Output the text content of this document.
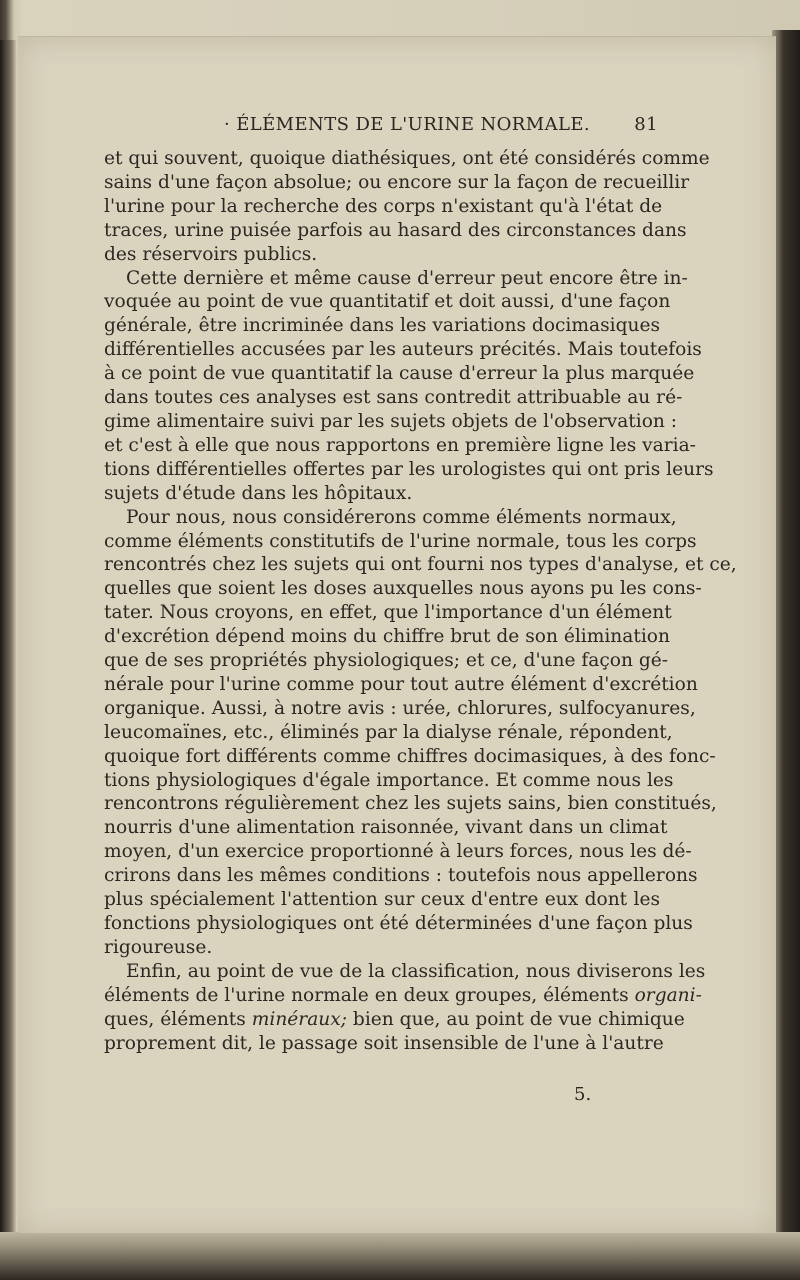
· ÉLÉMENTS DE L'URINE NORMALE. 81
et qui souvent, quoique diathésiques, ont été considérés comme
sains d'une façon absolue; ou encore sur la façon de recueillir
l'urine pour la recherche des corps n'existant qu'à l'état de
traces, urine puisée parfois au hasard des circonstances dans
des réservoirs publics.
Cette dernière et même cause d'erreur peut encore être in-
voquée au point de vue quantitatif et doit aussi, d'une façon
générale, être incriminée dans les variations docimasiques
différentielles accusées par les auteurs précités. Mais toutefois
à ce point de vue quantitatif la cause d'erreur la plus marquée
dans toutes ces analyses est sans contredit attribuable au ré-
gime alimentaire suivi par les sujets objets de l'observation :
et c'est à elle que nous rapportons en première ligne les varia-
tions différentielles offertes par les urologistes qui ont pris leurs
sujets d'étude dans les hôpitaux.
Pour nous, nous considérerons comme éléments normaux,
comme éléments constitutifs de l'urine normale, tous les corps
rencontrés chez les sujets qui ont fourni nos types d'analyse, et ce,
quelles que soient les doses auxquelles nous ayons pu les cons-
tater. Nous croyons, en effet, que l'importance d'un élément
d'excrétion dépend moins du chiffre brut de son élimination
que de ses propriétés physiologiques; et ce, d'une façon gé-
nérale pour l'urine comme pour tout autre élément d'excrétion
organique. Aussi, à notre avis : urée, chlorures, sulfocyanures,
leucomaïnes, etc., éliminés par la dialyse rénale, répondent,
quoique fort différents comme chiffres docimasiques, à des fonc-
tions physiologiques d'égale importance. Et comme nous les
rencontrons régulièrement chez les sujets sains, bien constitués,
nourris d'une alimentation raisonnée, vivant dans un climat
moyen, d'un exercice proportionné à leurs forces, nous les dé-
crirons dans les mêmes conditions : toutefois nous appellerons
plus spécialement l'attention sur ceux d'entre eux dont les
fonctions physiologiques ont été déterminées d'une façon plus
rigoureuse.
Enfin, au point de vue de la classification, nous diviserons les
éléments de l'urine normale en deux groupes, éléments organi-
ques, éléments minéraux; bien que, au point de vue chimique
proprement dit, le passage soit insensible de l'une à l'autre
5.
